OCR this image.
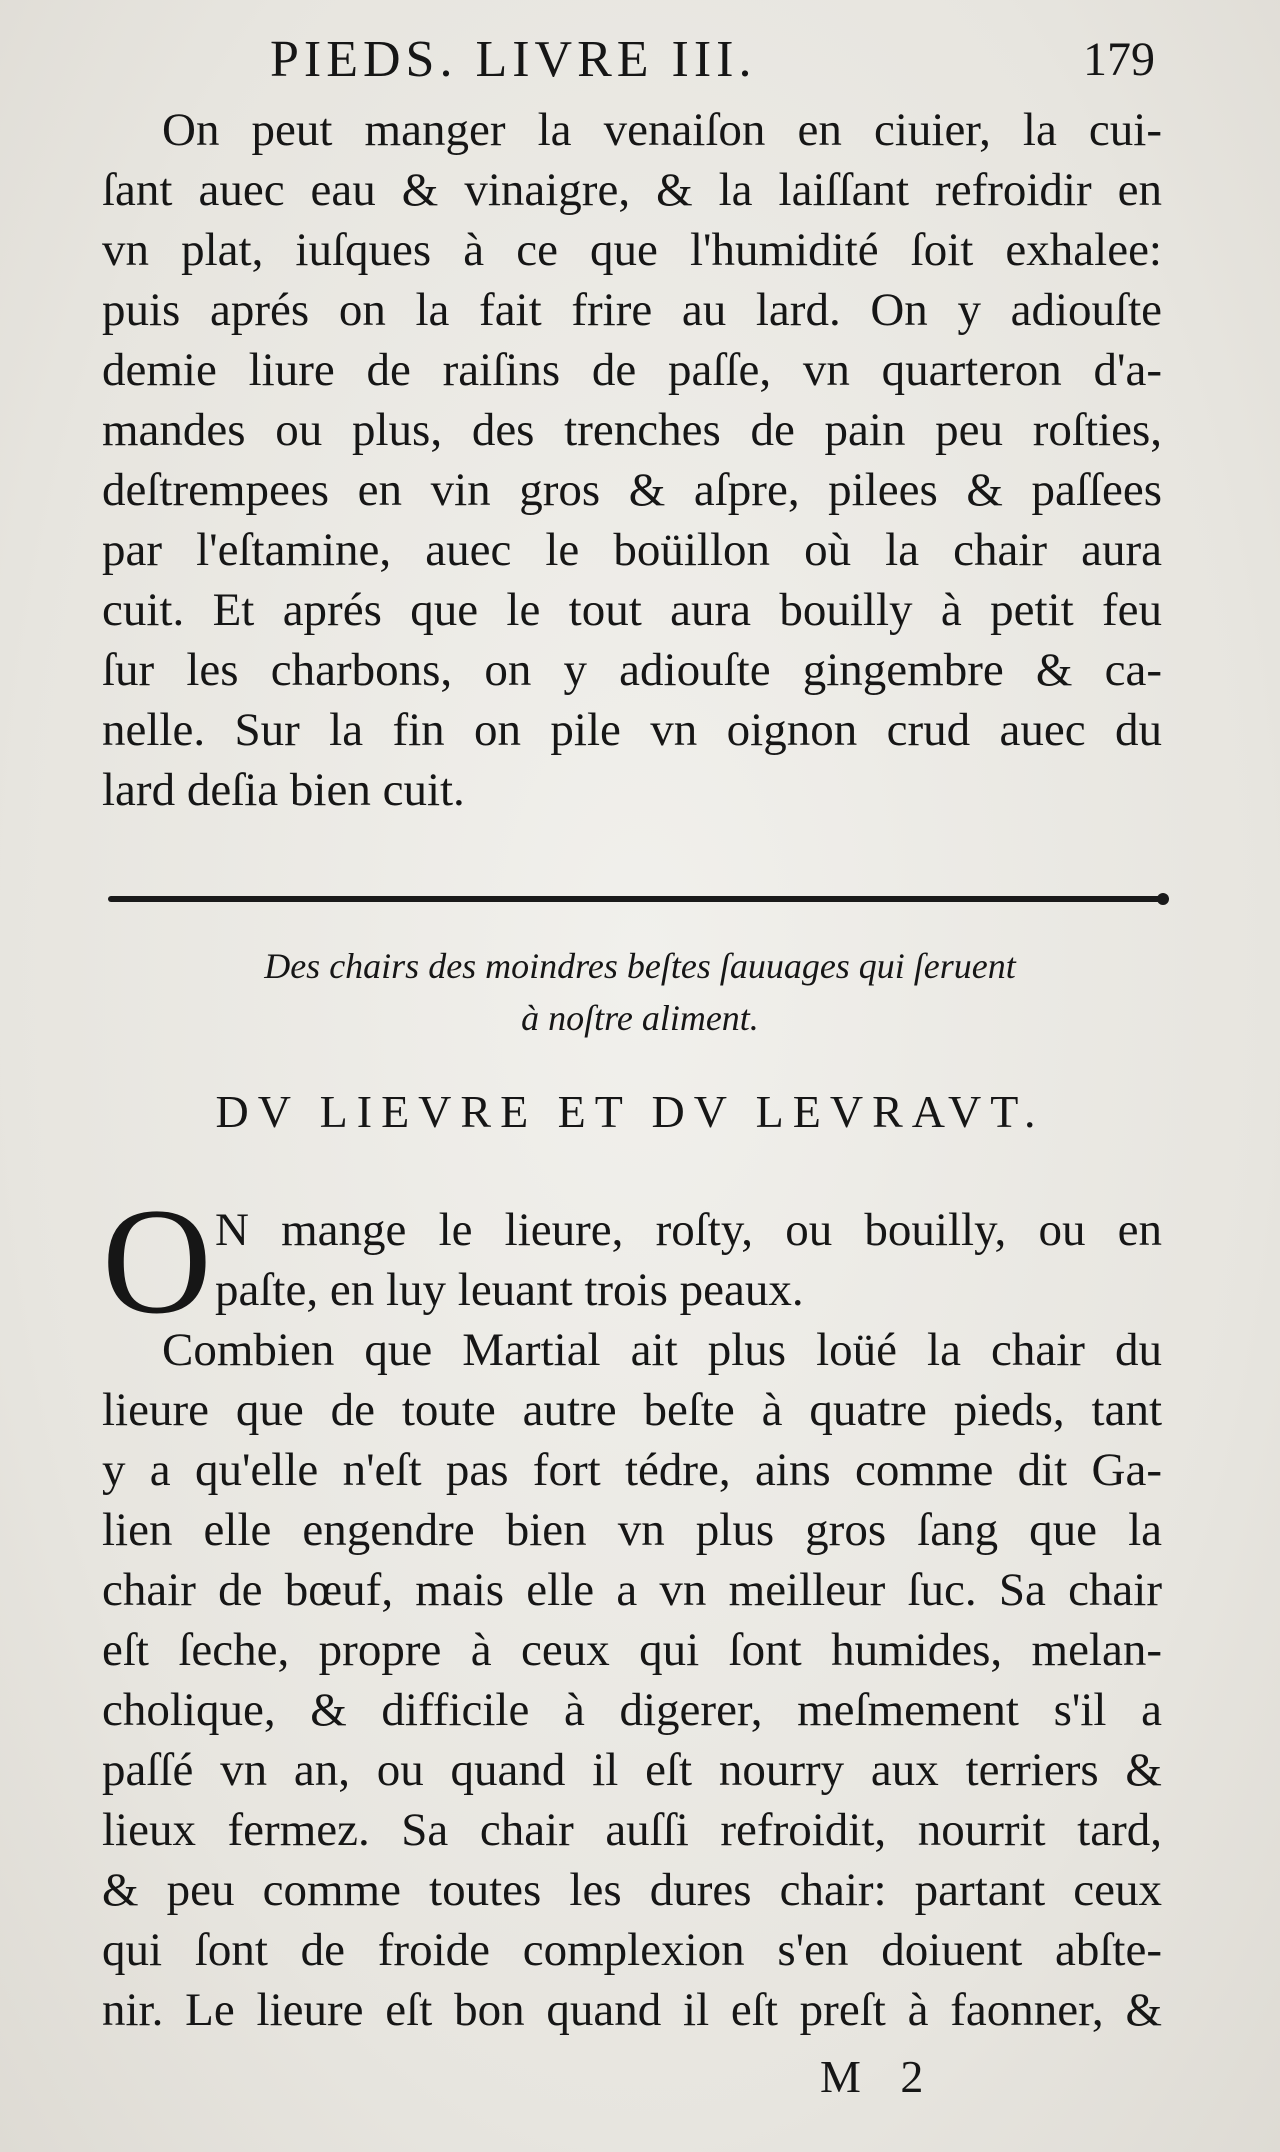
PIEDS. LIVRE III.	179
On peut manger la venaiſon en ciuier, la cui-
ſant auec eau & vinaigre, & la laiſſant refroidir en
vn plat, iuſques à ce que l'humidité ſoit exhalee:
puis aprés on la fait frire au lard. On y adiouſte
demie liure de raiſins de paſſe, vn quarteron d'a-
mandes ou plus, des trenches de pain peu roſties,
deſtrempees en vin gros & aſpre, pilees & paſſees
par l'eſtamine, auec le boüillon où la chair aura
cuit. Et aprés que le tout aura bouilly à petit feu
ſur les charbons, on y adiouſte gingembre & ca-
nelle. Sur la fin on pile vn oignon crud auec du
lard deſia bien cuit.
Des chairs des moindres beſtes ſauuages qui ſeruent
à noſtre aliment.
DV LIEVRE ET DV LEVRAVT.
O N mange le lieure, roſty, ou bouilly, ou en
paſte, en luy leuant trois peaux.
Combien que Martial ait plus loüé la chair du
lieure que de toute autre beſte à quatre pieds, tant
y a qu'elle n'eſt pas fort tédre, ains comme dit Ga-
lien elle engendre bien vn plus gros ſang que la
chair de bœuf, mais elle a vn meilleur ſuc. Sa chair
eſt ſeche, propre à ceux qui ſont humides, melan-
cholique, & difficile à digerer, meſmement s'il a
paſſé vn an, ou quand il eſt nourry aux terriers &
lieux fermez. Sa chair auſſi refroidit, nourrit tard,
& peu comme toutes les dures chair: partant ceux
qui ſont de froide complexion s'en doiuent abſte-
nir. Le lieure eſt bon quand il eſt preſt à faonner, &
M 2
